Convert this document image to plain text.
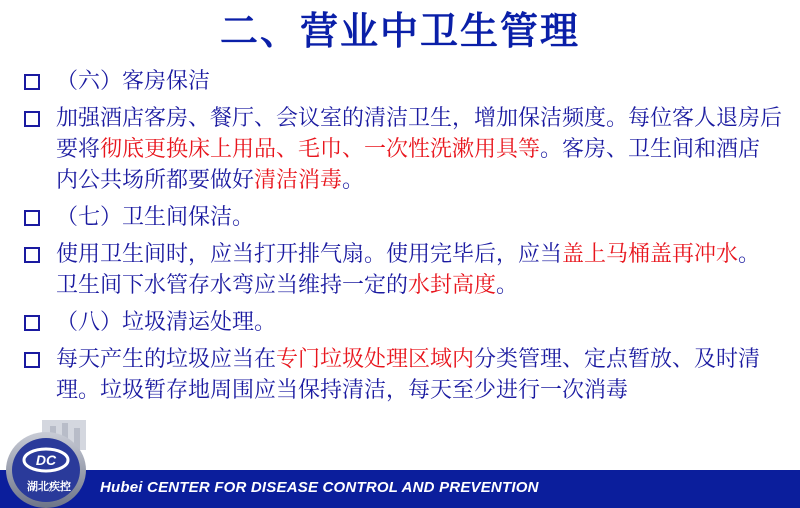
二、营业中卫生管理
（六）客房保洁
加强酒店客房、餐厅、会议室的清洁卫生，增加保洁频度。每位客人退房后要将彻底更换床上用品、毛巾、一次性洗漱用具等。客房、卫生间和酒店内公共场所都要做好清洁消毒。
（七）卫生间保洁。
使用卫生间时，应当打开排气扇。使用完毕后，应当盖上马桶盖再冲水。卫生间下水管存水弯应当维持一定的水封高度。
（八）垃圾清运处理。
每天产生的垃圾应当在专门垃圾处理区域内分类管理、定点暂放、及时清理。垃圾暂存地周围应当保持清洁，每天至少进行一次消毒
Hubei CENTER FOR DISEASE CONTROL AND PREVENTION
DC
湖北疾控
